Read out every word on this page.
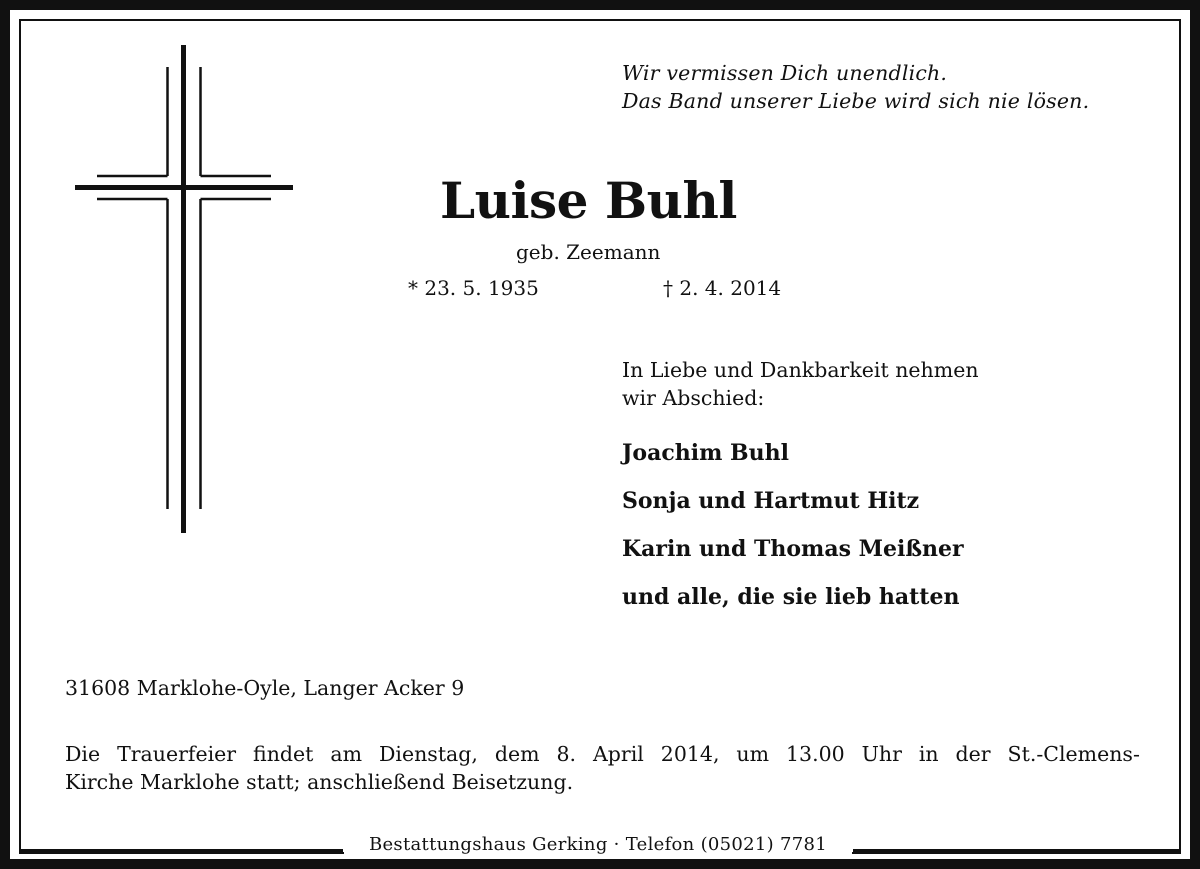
Wir vermissen Dich unendlich.
Das Band unserer Liebe wird sich nie lösen.
Luise Buhl
geb. Zeemann
* 23. 5. 1935	† 2. 4. 2014
In Liebe und Dankbarkeit nehmen
wir Abschied:
Joachim Buhl
Sonja und Hartmut Hitz
Karin und Thomas Meißner
und alle, die sie lieb hatten
31608 Marklohe-Oyle, Langer Acker 9
Die Trauerfeier findet am Dienstag, dem 8. April 2014, um 13.00 Uhr in der St.-Clemens-
Kirche Marklohe statt; anschließend Beisetzung.
Bestattungshaus Gerking · Telefon (05021) 7781
